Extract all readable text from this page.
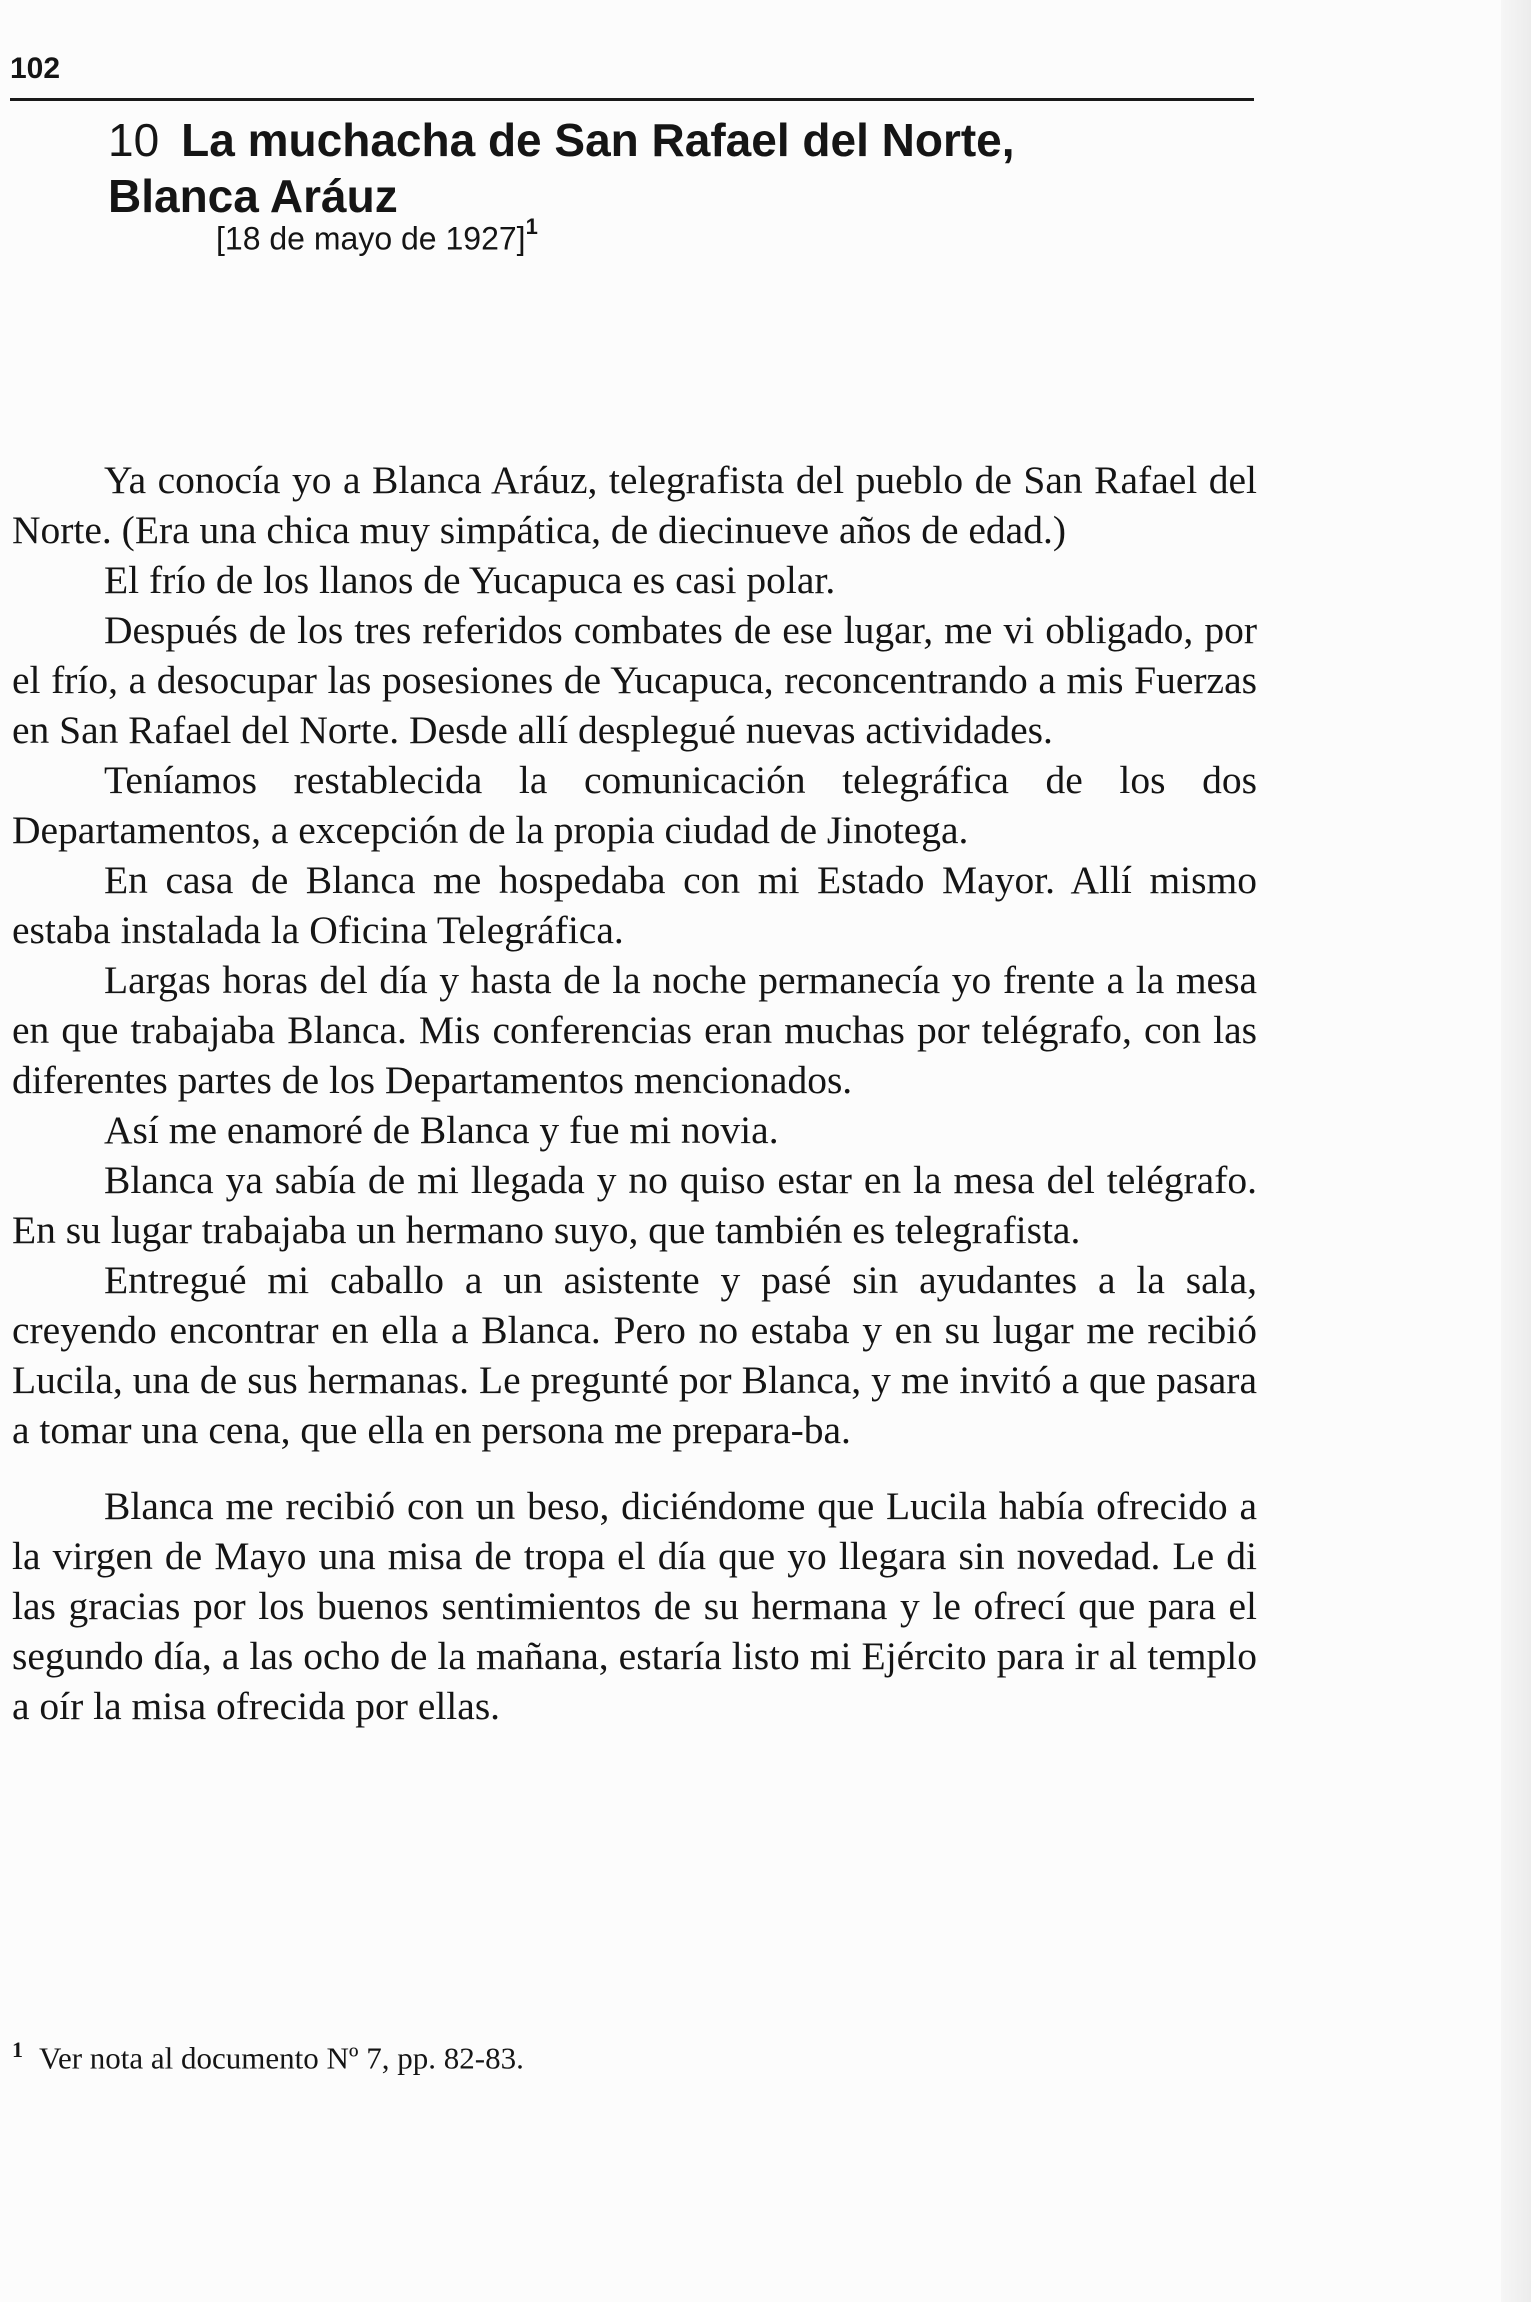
102
10 La muchacha de San Rafael del Norte,
Blanca Aráuz

[18 de mayo de 1927]$^1$

Ya conocía yo a Blanca Aráuz, telegrafista del pueblo de San Rafael del Norte. (Era una chica muy simpática, de diecinueve años de edad.)

El frío de los llanos de Yucapuca es casi polar.

Después de los tres referidos combates de ese lugar, me vi obligado, por el frío, a desocupar las posesiones de Yucapuca, reconcentrando a mis Fuerzas en San Rafael del Norte. Desde allí desplegué nuevas actividades.

Teníamos restablecida la comunicación telegráfica de los dos Departamentos, a excepción de la propia ciudad de Jinotega.

En casa de Blanca me hospedaba con mi Estado Mayor. Allí mismo estaba instalada la Oficina Telegráfica.

Largas horas del día y hasta de la noche permanecía yo frente a la mesa en que trabajaba Blanca. Mis conferencias eran muchas por telégrafo, con las diferentes partes de los Departamentos mencionados.

Así me enamoré de Blanca y fue mi novia.

Blanca ya sabía de mi llegada y no quiso estar en la mesa del telégrafo. En su lugar trabajaba un hermano suyo, que también es telegrafista.

Entregué mi caballo a un asistente y pasé sin ayudantes a la sala, creyendo encontrar en ella a Blanca. Pero no estaba y en su lugar me recibió Lucila, una de sus hermanas. Le pregunté por Blanca, y me invitó a que pasara a tomar una cena, que ella en persona me prepara-ba.

Blanca me recibió con un beso, diciéndome que Lucila había ofrecido a la virgen de Mayo una misa de tropa el día que yo llegara sin novedad. Le di las gracias por los buenos sentimientos de su hermana y le ofrecí que para el segundo día, a las ocho de la mañana, estaría listo mi Ejército para ir al templo a oír la misa ofrecida por ellas.

$^1$ Ver nota al documento Nº 7, pp. 82-83.
